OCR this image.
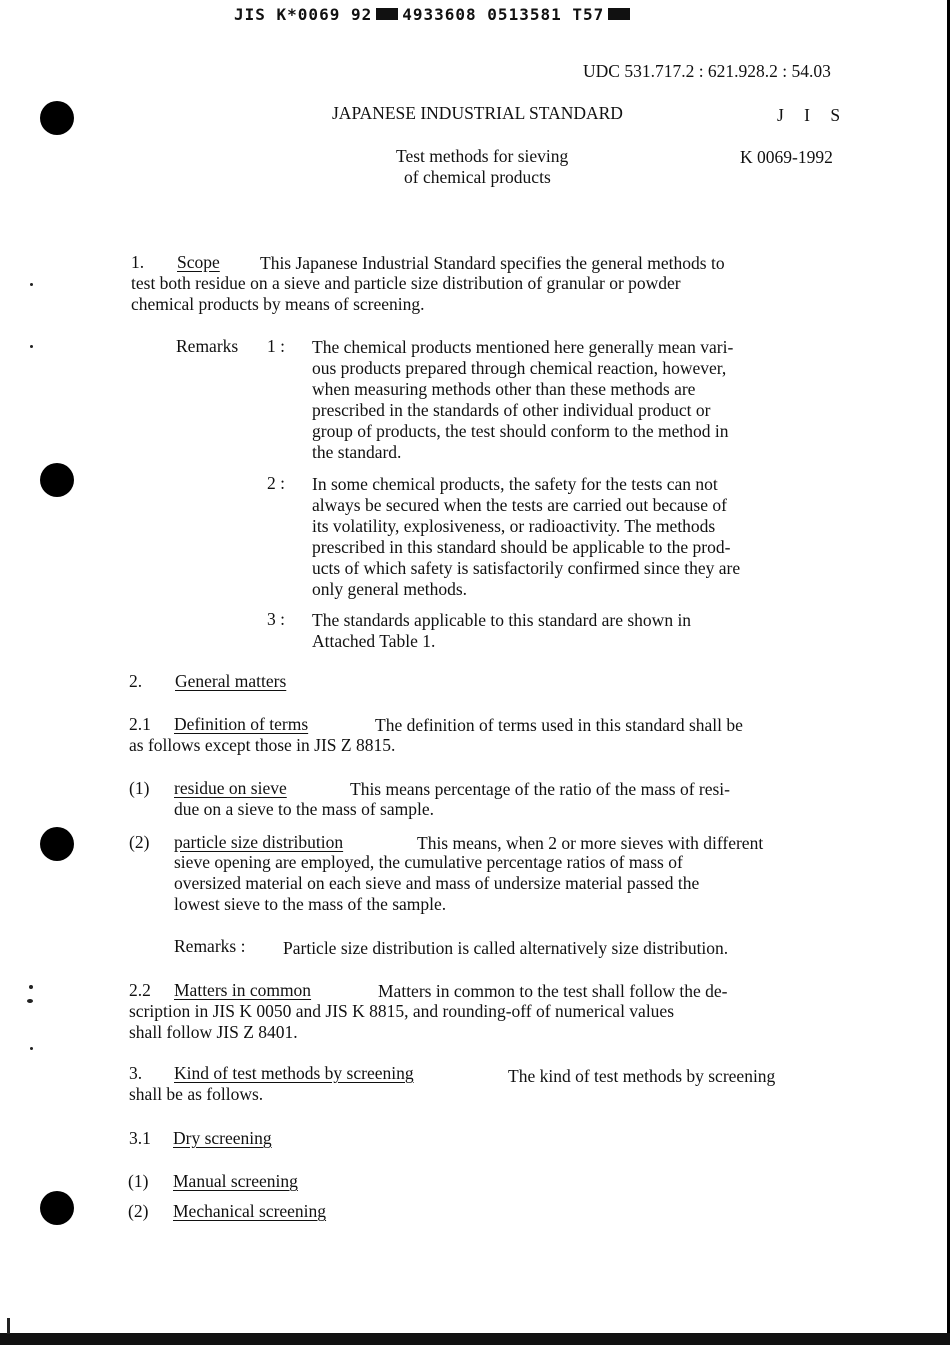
JIS K*0069 92 4933608 0513581 T57
UDC 531.717.2 : 621.928.2 : 54.03
JAPANESE INDUSTRIAL STANDARD	J I S
Test methods for sieving
of chemical products
K 0069-1992
1. Scope This Japanese Industrial Standard specifies the general methods to
test both residue on a sieve and particle size distribution of granular or powder
chemical products by means of screening.
Remarks 1 : The chemical products mentioned here generally mean vari-
ous products prepared through chemical reaction, however,
when measuring methods other than these methods are
prescribed in the standards of other individual product or
group of products, the test should conform to the method in
the standard.
2 : In some chemical products, the safety for the tests can not
always be secured when the tests are carried out because of
its volatility, explosiveness, or radioactivity. The methods
prescribed in this standard should be applicable to the prod-
ucts of which safety is satisfactorily confirmed since they are
only general methods.
3 : The standards applicable to this standard are shown in
Attached Table 1.
2. General matters
2.1 Definition of terms	The definition of terms used in this standard shall be
as follows except those in JIS Z 8815.
(1) residue on sieve	This means percentage of the ratio of the mass of resi-
due on a sieve to the mass of sample.
(2) particle size distribution	This means, when 2 or more sieves with different
sieve opening are employed, the cumulative percentage ratios of mass of
oversized material on each sieve and mass of undersize material passed the
lowest sieve to the mass of the sample.
Remarks : Particle size distribution is called alternatively size distribution.
2.2 Matters in common	Matters in common to the test shall follow the de-
scription in JIS K 0050 and JIS K 8815, and rounding-off of numerical values
shall follow JIS Z 8401.
3. Kind of test methods by screening	The kind of test methods by screening
shall be as follows.
3.1 Dry screening
(1) Manual screening
(2) Mechanical screening
